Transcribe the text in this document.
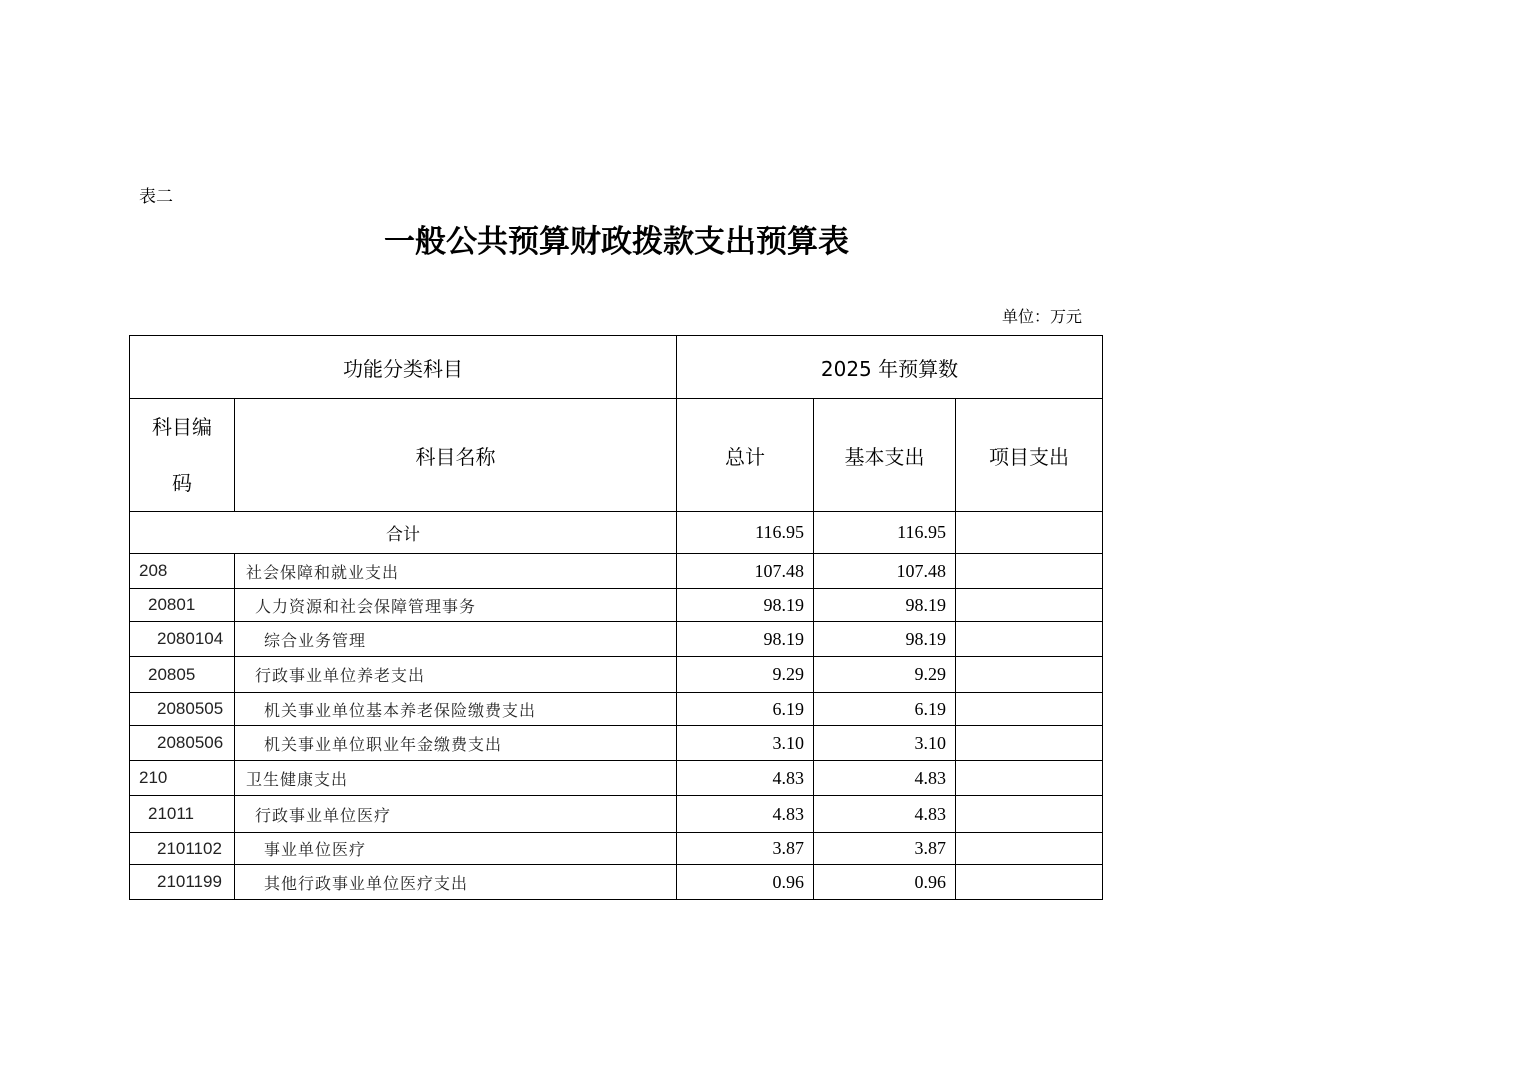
表二
一般公共预算财政拨款支出预算表
单位：万元
功能分类科目		2025 年预算数		
科目编码	科目名称	总计	基本支出	项目支出
合计		116.95	116.95	
208	社会保障和就业支出	107.48	107.48	
20801	人力资源和社会保障管理事务	98.19	98.19	
2080104	综合业务管理	98.19	98.19	
20805	行政事业单位养老支出	9.29	9.29	
2080505	机关事业单位基本养老保险缴费支出	6.19	6.19	
2080506	机关事业单位职业年金缴费支出	3.10	3.10	
210	卫生健康支出	4.83	4.83	
21011	行政事业单位医疗	4.83	4.83	
2101102	事业单位医疗	3.87	3.87	
2101199	其他行政事业单位医疗支出	0.96	0.96	
